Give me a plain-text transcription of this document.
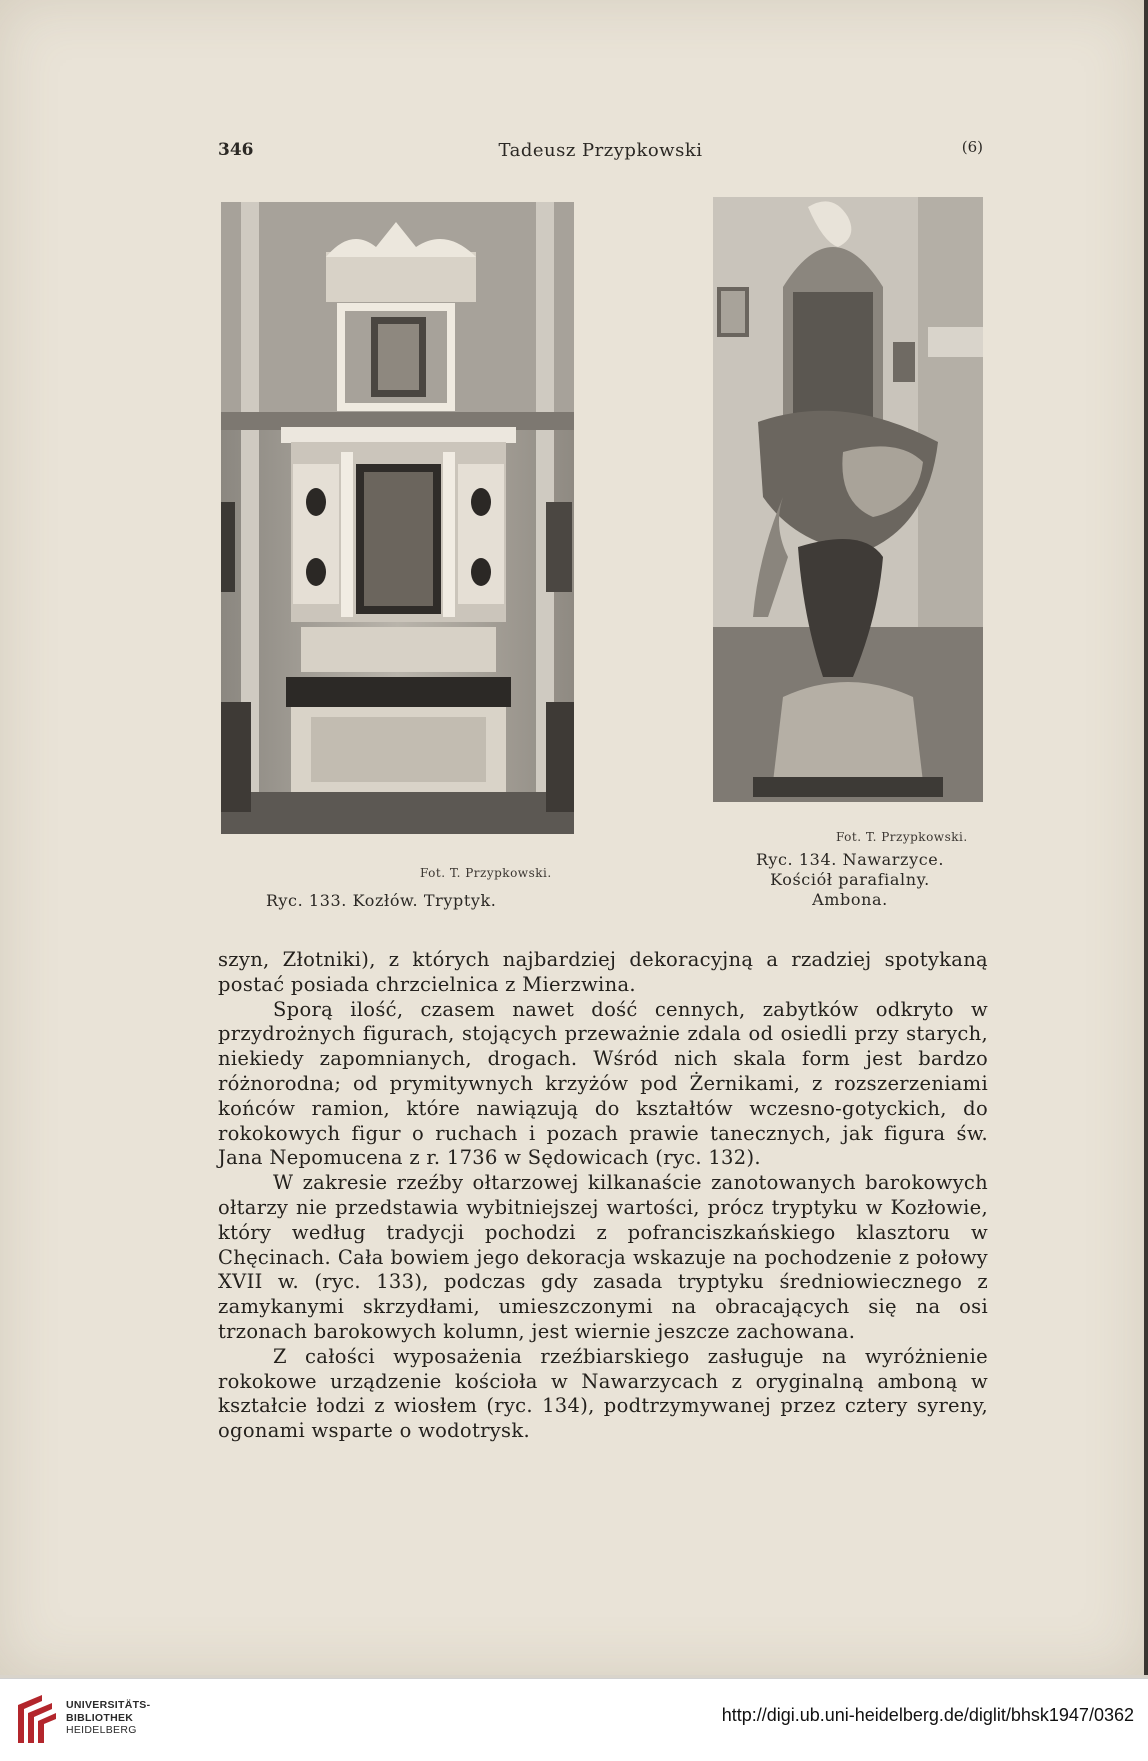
346	Tadeusz Przypkowski	(6)
Fot. T. Przypkowski.
Ryc. 133. Kozłów. Tryptyk.
Fot. T. Przypkowski.
Ryc. 134. Nawarzyce.
Kościół parafialny.
Ambona.

szyn, Złotniki), z których najbardziej dekoracyjną a rzadziej spotykaną postać posiada chrzcielnica z Mierzwina.

Sporą ilość, czasem nawet dość cennych, zabytków odkryto w przydrożnych figurach, stojących przeważnie zdala od osiedli przy starych, niekiedy zapomnianych, drogach. Wśród nich skala form jest bardzo różnorodna; od prymitywnych krzyżów pod Żernikami, z rozszerzeniami końców ramion, które nawiązują do kształtów wczesno-gotyckich, do rokokowych figur o ruchach i pozach prawie tanecznych, jak figura św. Jana Nepomucena z r. 1736 w Sędowicach (ryc. 132).

W zakresie rzeźby ołtarzowej kilkanaście zanotowanych barokowych ołtarzy nie przedstawia wybitniejszej wartości, prócz tryptyku w Kozłowie, który według tradycji pochodzi z pofranciszkańskiego klasztoru w Chęcinach. Cała bowiem jego dekoracja wskazuje na pochodzenie z połowy XVII w. (ryc. 133), podczas gdy zasada tryptyku średniowiecznego z zamykanymi skrzydłami, umieszczonymi na obracających się na osi trzonach barokowych kolumn, jest wiernie jeszcze zachowana.

Z całości wyposażenia rzeźbiarskiego zasługuje na wyróżnienie rokokowe urządzenie kościoła w Nawarzycach z oryginalną amboną w kształcie łodzi z wiosłem (ryc. 134), podtrzymywanej przez cztery syreny, ogonami wsparte o wodotrysk.

UNIVERSITÄTS-
BIBLIOTHEK
HEIDELBERG
http://digi.ub.uni-heidelberg.de/diglit/bhsk1947/0362
